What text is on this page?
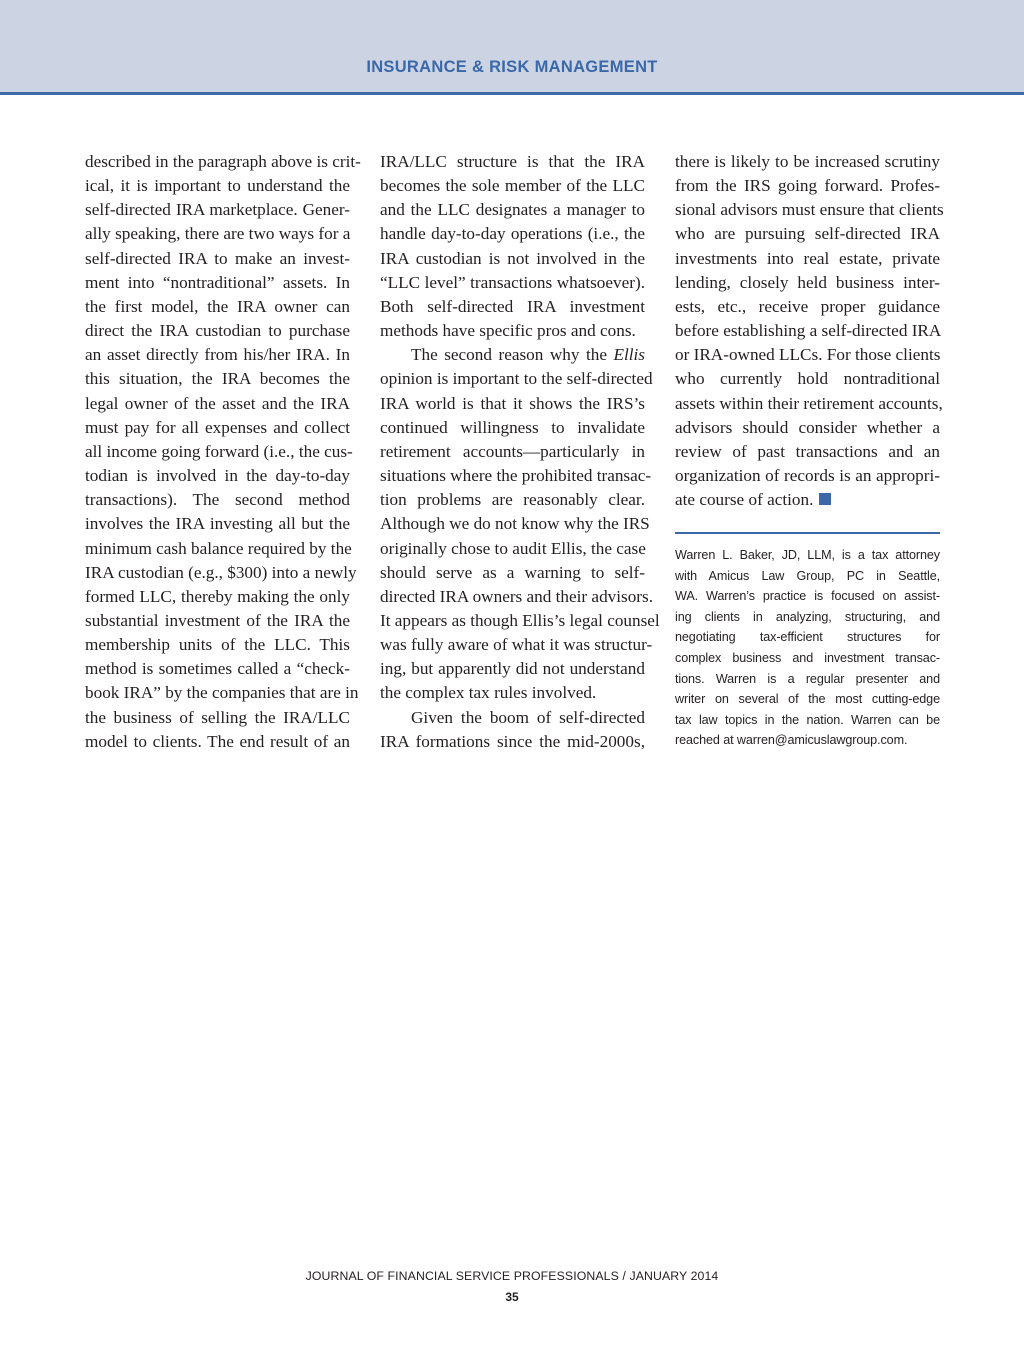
INSURANCE & RISK MANAGEMENT

described in the paragraph above is crit-
ical, it is important to understand the
self-directed IRA marketplace. Gener-
ally speaking, there are two ways for a
self-directed IRA to make an invest-
ment into “nontraditional” assets. In
the first model, the IRA owner can
direct the IRA custodian to purchase
an asset directly from his/her IRA. In
this situation, the IRA becomes the
legal owner of the asset and the IRA
must pay for all expenses and collect
all income going forward (i.e., the cus-
todian is involved in the day-to-day
transactions). The second method
involves the IRA investing all but the
minimum cash balance required by the
IRA custodian (e.g., $300) into a newly
formed LLC, thereby making the only
substantial investment of the IRA the
membership units of the LLC. This
method is sometimes called a “check-
book IRA” by the companies that are in
the business of selling the IRA/LLC
model to clients. The end result of an

IRA/LLC structure is that the IRA
becomes the sole member of the LLC
and the LLC designates a manager to
handle day-to-day operations (i.e., the
IRA custodian is not involved in the
“LLC level” transactions whatsoever).
Both self-directed IRA investment
methods have specific pros and cons.

The second reason why the Ellis
opinion is important to the self-directed
IRA world is that it shows the IRS’s
continued willingness to invalidate
retirement accounts—particularly in
situations where the prohibited transac-
tion problems are reasonably clear.
Although we do not know why the IRS
originally chose to audit Ellis, the case
should serve as a warning to self-
directed IRA owners and their advisors.
It appears as though Ellis’s legal counsel
was fully aware of what it was structur-
ing, but apparently did not understand
the complex tax rules involved.

Given the boom of self-directed
IRA formations since the mid-2000s,

there is likely to be increased scrutiny
from the IRS going forward. Profes-
sional advisors must ensure that clients
who are pursuing self-directed IRA
investments into real estate, private
lending, closely held business inter-
ests, etc., receive proper guidance
before establishing a self-directed IRA
or IRA-owned LLCs. For those clients
who currently hold nontraditional
assets within their retirement accounts,
advisors should consider whether a
review of past transactions and an
organization of records is an appropri-
ate course of action.

Warren L. Baker, JD, LLM, is a tax attorney
with Amicus Law Group, PC in Seattle,
WA. Warren’s practice is focused on assist-
ing clients in analyzing, structuring, and
negotiating tax-efficient structures for
complex business and investment transac-
tions. Warren is a regular presenter and
writer on several of the most cutting-edge
tax law topics in the nation. Warren can be
reached at warren@amicuslawgroup.com.
JOURNAL OF FINANCIAL SERVICE PROFESSIONALS / JANUARY 2014
35
